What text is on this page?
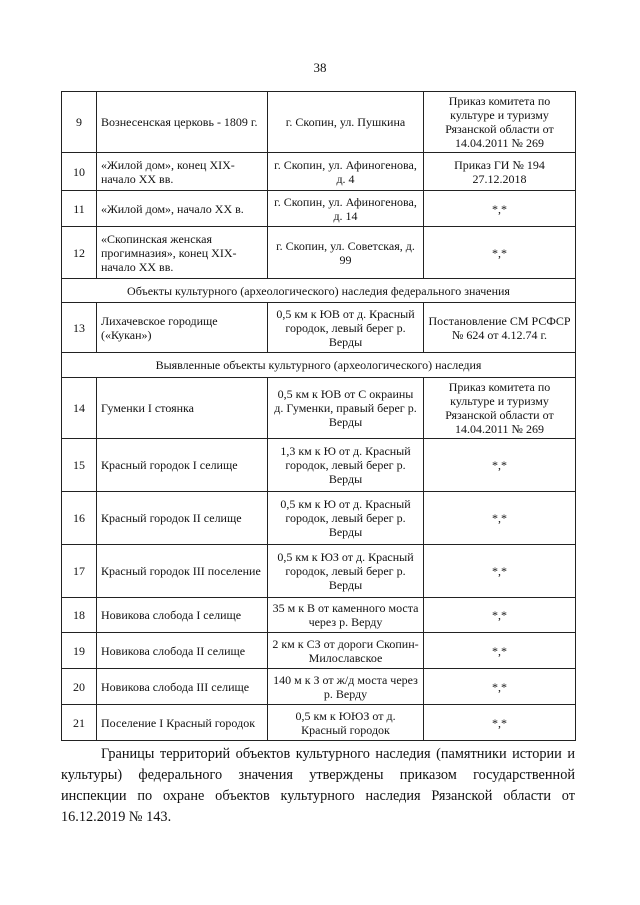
38
9	Вознесенская церковь - 1809 г.	г. Скопин, ул. Пушкина	Приказ комитета по культуре и туризму Рязанской области от 14.04.2011 № 269
10	«Жилой дом», конец XIX-начало XX вв.	г. Скопин, ул. Афиногенова, д. 4	Приказ ГИ № 194 27.12.2018
11	«Жилой дом», начало XX в.	г. Скопин, ул. Афиногенова, д. 14	*,*
12	«Скопинская женская прогимназия», конец XIX-начало XX вв.	г. Скопин, ул. Советская, д. 99	*,*
Объекты культурного (археологического) наследия федерального значения			
13	Лихачевское городище («Кукан»)	0,5 км к ЮВ от д. Красный городок, левый берег р. Верды	Постановление СМ РСФСР № 624 от 4.12.74 г.
Выявленные объекты культурного (археологического) наследия			
14	Гуменки I стоянка	0,5 км к ЮВ от С окраины д. Гуменки, правый берег р. Верды	Приказ комитета по культуре и туризму Рязанской области от 14.04.2011 № 269
15	Красный городок I селище	1,3 км к Ю от д. Красный городок, левый берег р. Верды	*,*
16	Красный городок II селище	0,5 км к Ю от д. Красный городок, левый берег р. Верды	*,*
17	Красный городок III поселение	0,5 км к ЮЗ от д. Красный городок, левый берег р. Верды	*,*
18	Новикова слобода I селище	35 м к В от каменного моста через р. Верду	*,*
19	Новикова слобода II селище	2 км к СЗ от дороги Скопин- Милославское	*,*
20	Новикова слобода III селище	140 м к З от ж/д моста через р. Верду	*,*
21	Поселение I Красный городок	0,5 км к ЮЮЗ от д. Красный городок	*,*

Границы территорий объектов культурного наследия (памятники истории и культуры) федерального значения утверждены приказом государственной инспекции по охране объектов культурного наследия Рязанской области от 16.12.2019 № 143.
